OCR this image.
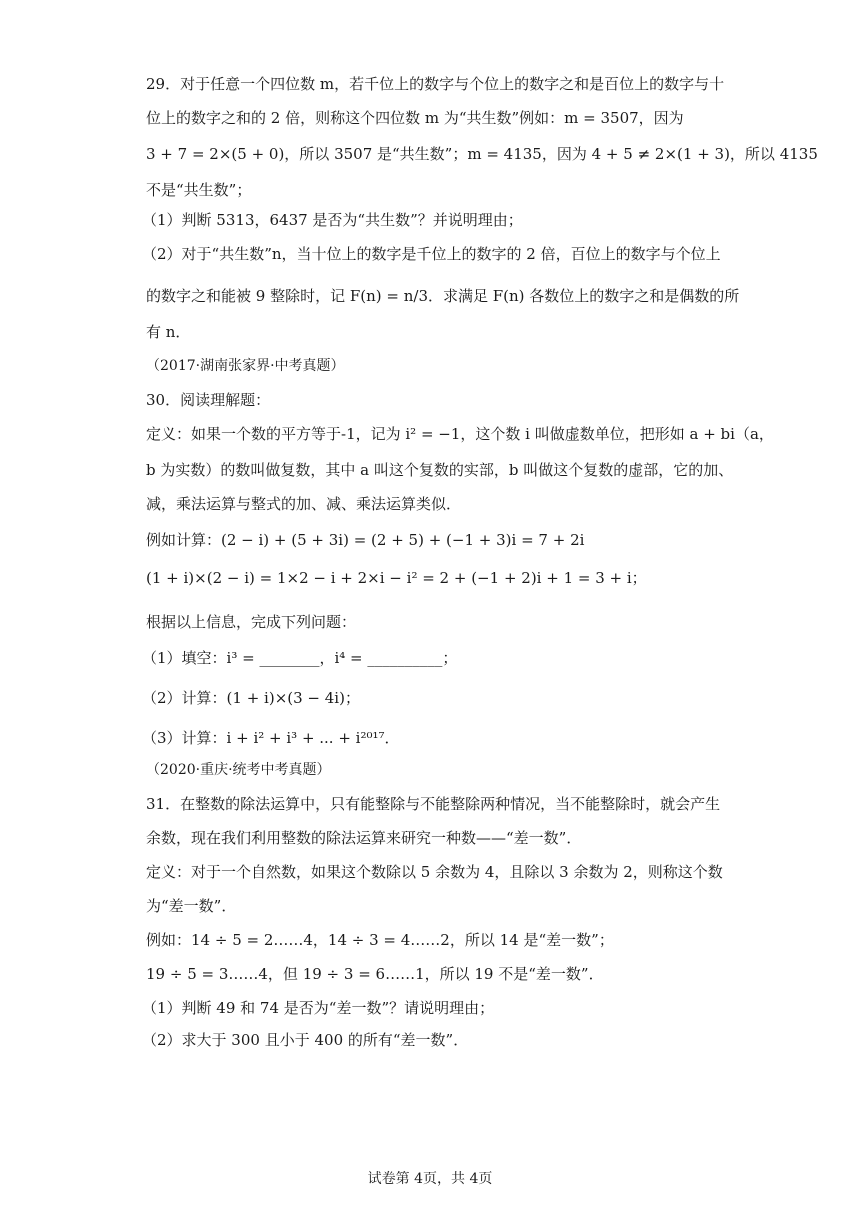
29．对于任意一个四位数 m，若千位上的数字与个位上的数字之和是百位上的数字与十
位上的数字之和的 2 倍，则称这个四位数 m 为“共生数”例如：m = 3507，因为
3 + 7 = 2×(5 + 0)，所以 3507 是“共生数”；m = 4135，因为 4 + 5 ≠ 2×(1 + 3)，所以 4135
不是“共生数”；
（1）判断 5313，6437 是否为“共生数”？并说明理由；
（2）对于“共生数”n，当十位上的数字是千位上的数字的 2 倍，百位上的数字与个位上
的数字之和能被 9 整除时，记 F(n) = n/3．求满足 F(n) 各数位上的数字之和是偶数的所
有 n．
（2017·湖南张家界·中考真题）
30．阅读理解题：
定义：如果一个数的平方等于-1，记为 i² = −1，这个数 i 叫做虚数单位，把形如 a + bi（a，
b 为实数）的数叫做复数，其中 a 叫这个复数的实部，b 叫做这个复数的虚部，它的加、
减，乘法运算与整式的加、减、乘法运算类似．
例如计算：(2 − i) + (5 + 3i) = (2 + 5) + (−1 + 3)i = 7 + 2i
(1 + i)×(2 − i) = 1×2 − i + 2×i − i² = 2 + (−1 + 2)i + 1 = 3 + i；
根据以上信息，完成下列问题：
（1）填空：i³ = ________，i⁴ = __________；
（2）计算：(1 + i)×(3 − 4i)；
（3）计算：i + i² + i³ + ... + i²⁰¹⁷．
（2020·重庆·统考中考真题）
31．在整数的除法运算中，只有能整除与不能整除两种情况，当不能整除时，就会产生
余数，现在我们利用整数的除法运算来研究一种数——“差一数”．
定义：对于一个自然数，如果这个数除以 5 余数为 4，且除以 3 余数为 2，则称这个数
为“差一数”．
例如：14 ÷ 5 = 2……4，14 ÷ 3 = 4……2，所以 14 是“差一数”；
19 ÷ 5 = 3……4，但 19 ÷ 3 = 6……1，所以 19 不是“差一数”．
（1）判断 49 和 74 是否为“差一数”？请说明理由；
（2）求大于 300 且小于 400 的所有“差一数”．
试卷第 4页，共 4页
